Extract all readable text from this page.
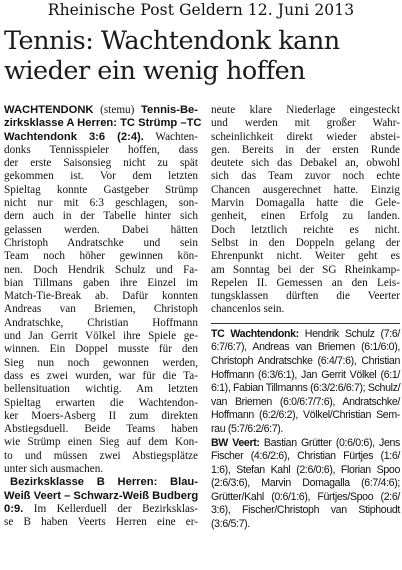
Rheinische Post Geldern 12. Juni 2013
Tennis: Wachtendonk kann
wieder ein wenig hoffen
WACHTENDONK (stemu) Tennis-Be-
zirksklasse A Herren: TC Strümp –TC
Wachtendonk 3:6 (2:4). Wachten-
donks Tennisspieler hoffen, dass
der erste Saisonsieg nicht zu spät
gekommen ist. Vor dem letzten
Spieltag konnte Gastgeber Strümp
nicht nur mit 6:3 geschlagen, son-
dern auch in der Tabelle hinter sich
gelassen werden. Dabei hätten
Christoph Andratschke und sein
Team noch höher gewinnen kön-
nen. Doch Hendrik Schulz und Fa-
bian Tillmans gaben ihre Einzel im
Match-Tie-Break ab. Dafür konnten
Andreas van Briemen, Christoph
Andratschke, Christian Hoffmann
und Jan Gerrit Völkel ihre Spiele ge-
winnen. Ein Doppel musste für den
Sieg nun noch gewonnen werden,
dass es zwei wurden, war für die Ta-
bellensituation wichtig. Am letzten
Spieltag erwarten die Wachtendon-
ker Moers-Asberg II zum direkten
Abstiegsduell. Beide Teams haben
wie Strümp einen Sieg auf dem Kon-
to und müssen zwei Abstiegsplätze
unter sich ausmachen.
Bezirksklasse B Herren: Blau-
Weiß Veert – Schwarz-Weiß Budberg
0:9. Im Kellerduell der Bezirksklas-
se B haben Veerts Herren eine er-
neute klare Niederlage eingesteckt
und werden mit großer Wahr-
scheinlichkeit direkt wieder abstei-
gen. Bereits in der ersten Runde
deutete sich das Debakel an, obwohl
sich das Team zuvor noch echte
Chancen ausgerechnet hatte. Einzig
Marvin Domagalla hatte die Gele-
genheit, einen Erfolg zu landen.
Doch letztlich reichte es nicht.
Selbst in den Doppeln gelang der
Ehrenpunkt nicht. Weiter geht es
am Sonntag bei der SG Rheinkamp-
Repelen II. Gemessen an den Leis-
tungsklassen dürften die Veerter
chancenlos sein.
TC Wachtendonk: Hendrik Schulz (7:6/
6:7/6:7), Andreas van Briemen (6:1/6:0),
Christoph Andratschke (6:4/7:6), Christian
Hoffmann (6:3/6:1), Jan Gerrit Völkel (6:1/
6:1), Fabian Tillmanns (6:3/2:6/6:7); Schulz/
van Briemen (6:0/6:7/7:6), Andratschke/
Hoffmann (6:2/6:2), Völkel/Christian Sem-
rau (5:7/6:2/6:7).
BW Veert: Bastian Grütter (0:6/0:6), Jens
Fischer (4:6/2:6), Christian Fürtjes (1:6/
1:6), Stefan Kahl (2:6/0:6), Florian Spoo
(2:6/3:6), Marvin Domagalla (6:7/4:6);
Grütter/Kahl (0:6/1:6), Fürtjes/Spoo (2:6/
3:6), Fischer/Christoph van Stiphoudt
(3:6/5:7).
